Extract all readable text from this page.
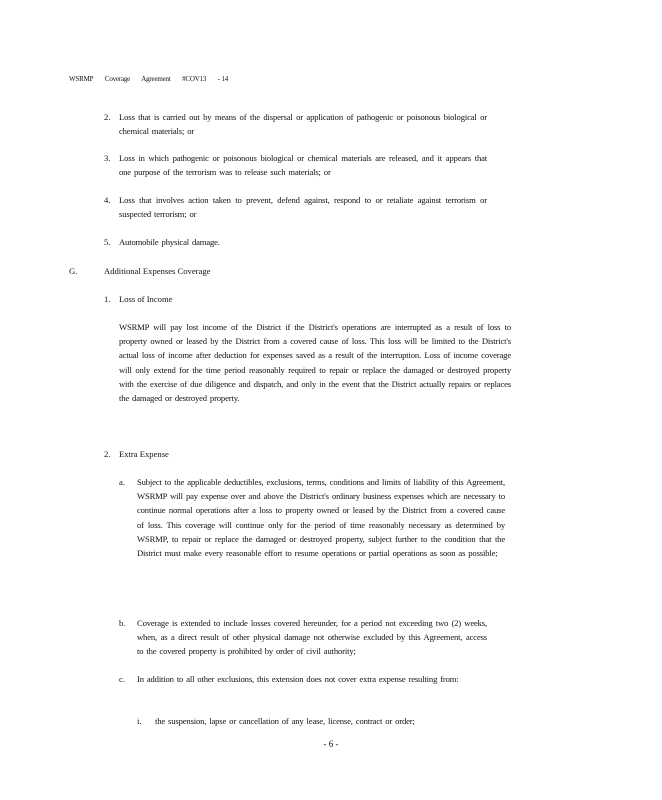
WSRMP Coverage Agreement #COV13 - 14
2. Loss that is carried out by means of the dispersal or application of pathogenic or poisonous biological or chemical materials; or
3. Loss in which pathogenic or poisonous biological or chemical materials are released, and it appears that one purpose of the terrorism was to release such materials; or
4. Loss that involves action taken to prevent, defend against, respond to or retaliate against terrorism or suspected terrorism; or
5. Automobile physical damage.
G.	Additional Expenses Coverage
1. Loss of Income
WSRMP will pay lost income of the District if the District's operations are interrupted as a result of loss to property owned or leased by the District from a covered cause of loss. This loss will be limited to the District's actual loss of income after deduction for expenses saved as a result of the interruption. Loss of income coverage will only extend for the time period reasonably required to repair or replace the damaged or destroyed property with the exercise of due diligence and dispatch, and only in the event that the District actually repairs or replaces the damaged or destroyed property.
2. Extra Expense
a. Subject to the applicable deductibles, exclusions, terms, conditions and limits of liability of this Agreement, WSRMP will pay expense over and above the District's ordinary business expenses which are necessary to continue normal operations after a loss to property owned or leased by the District from a covered cause of loss. This coverage will continue only for the period of time reasonably necessary as determined by WSRMP, to repair or replace the damaged or destroyed property, subject further to the condition that the District must make every reasonable effort to resume operations or partial operations as soon as possible;
b. Coverage is extended to include losses covered hereunder, for a period not exceeding two (2) weeks, when, as a direct result of other physical damage not otherwise excluded by this Agreement, access to the covered property is prohibited by order of civil authority;
c. In addition to all other exclusions, this extension does not cover extra expense resulting from:
i. the suspension, lapse or cancellation of any lease, license, contract or order;
- 6 -
